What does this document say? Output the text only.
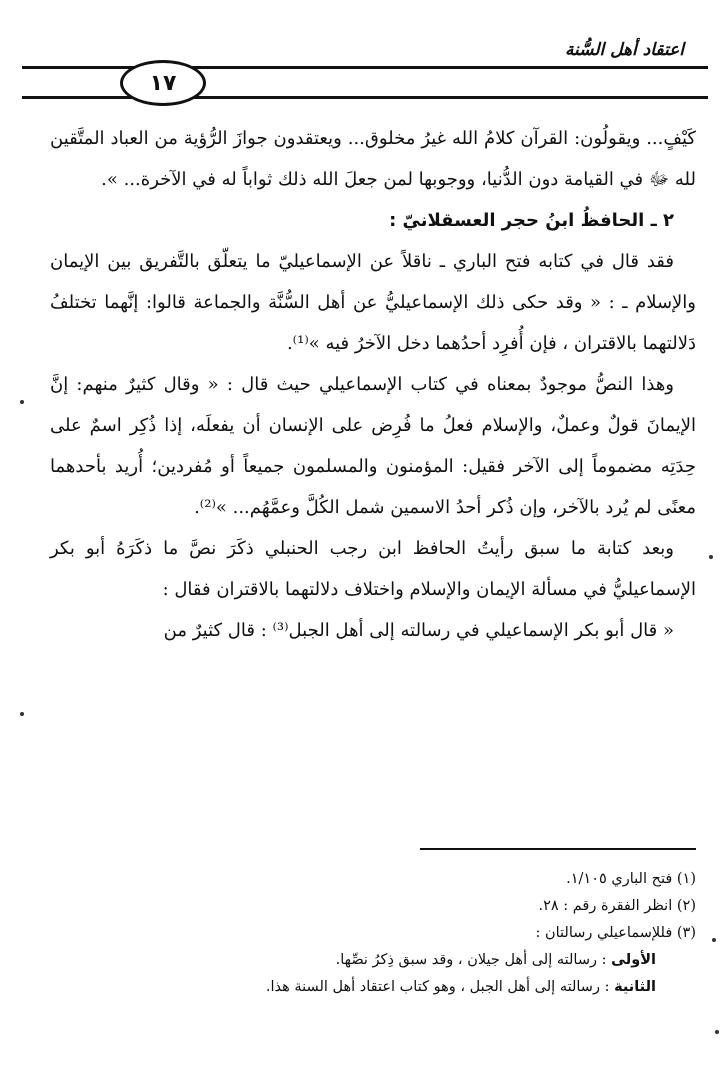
اعتقاد أهل السُّنة
١٧

كَيْفٍ... ويقولُون: القرآن كلامُ الله غيرُ مخلوق... ويعتقدون جوازَ الرُّؤية من العباد المتَّقين لله ﷻ في القيامة دون الدُّنيا، ووجوبها لمن جعلَ الله ذلك ثواباً له في الآخرة... ».

٢ ـ الحافظُ ابنُ حجر العسقلانيّ :

فقد قال في كتابه فتح الباري ـ ناقلاً عن الإسماعيليّ ما يتعلّق بالتَّفريق بين الإيمان والإسلام ـ : « وقد حكى ذلك الإسماعيليُّ عن أهل السُّنَّة والجماعة قالوا: إنَّهما تختلفُ دَلالتهما بالاقتران ، فإن أُفرِد أحدُهما دخل الآخرُ فيه »⁽¹⁾.

وهذا النصُّ موجودٌ بمعناه في كتاب الإسماعيلي حيث قال : « وقال كثيرٌ منهم: إنَّ الإيمانَ قولٌ وعملٌ، والإسلام فعلُ ما فُرِض على الإنسان أن يفعلَه، إذا ذُكِر اسمٌ على حِدَتِه مضموماً إلى الآخر فقيل: المؤمنون والمسلمون جميعاً أو مُفردين؛ أُريد بأحدهما معنًى لم يُرد بالآخر، وإن ذُكر أحدُ الاسمين شمل الكُلَّ وعمَّهُم... »⁽²⁾.

وبعد كتابة ما سبق رأيتُ الحافظ ابن رجب الحنبلي ذكَرَ نصَّ ما ذكَرَهُ أبو بكر الإسماعيليُّ في مسألة الإيمان والإسلام واختلاف دلالتهما بالاقتران فقال :

« قال أبو بكر الإسماعيلي في رسالته إلى أهل الجبل⁽³⁾ : قال كثيرٌ من

(١) فتح الباري ١/١٠٥.

(٢) انظر الفقرة رقم : ٢٨.

(٣) فللإسماعيلي رسالتان :

الأولى : رسالته إلى أهل جيلان ، وقد سبق ذِكرُ نصِّها.

الثانية : رسالته إلى أهل الجبل ، وهو كتاب اعتقاد أهل السنة هذا.
